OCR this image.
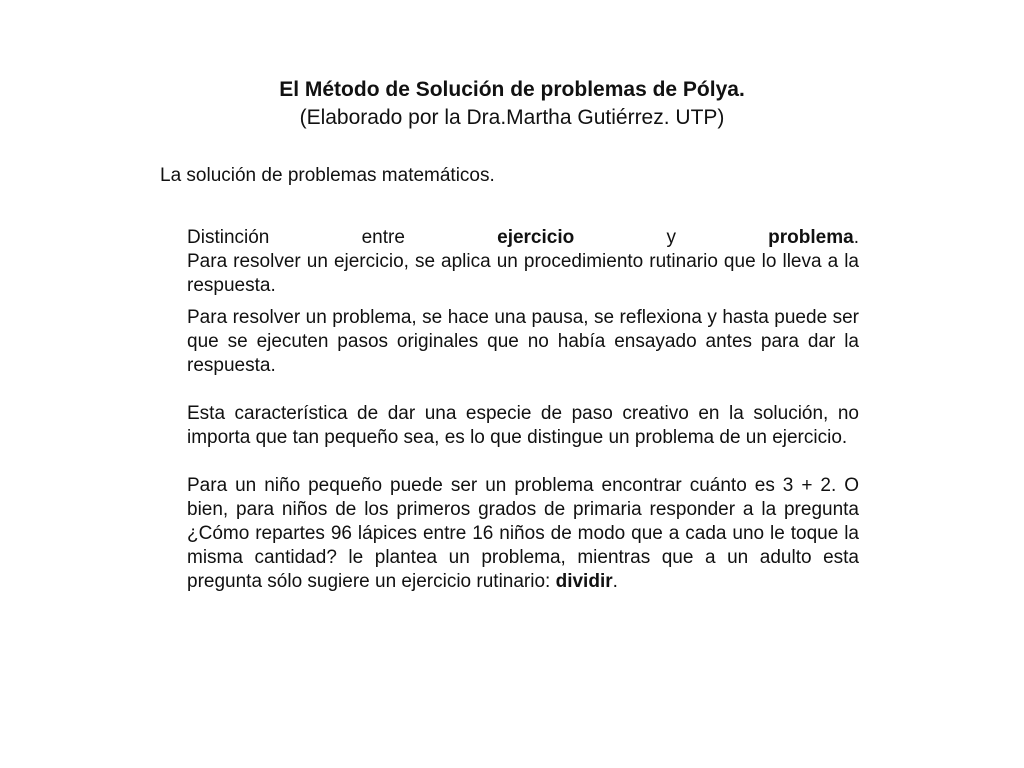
El Método de Solución de problemas de Pólya.

(Elaborado por la Dra.Martha Gutiérrez. UTP)

La solución de problemas matemáticos.

Distinción	entre	ejercicio	y	problema.

Para resolver un ejercicio, se aplica un procedimiento rutinario que lo lleva a la respuesta.

Para resolver un problema, se hace una pausa, se reflexiona y hasta puede ser que se ejecuten pasos originales que no había ensayado antes para dar la respuesta.

Esta característica de dar una especie de paso creativo en la solución, no importa que tan pequeño sea, es lo que distingue un problema de un ejercicio.

Para un niño pequeño puede ser un problema encontrar cuánto es 3 + 2. O bien, para niños de los primeros grados de primaria responder a la pregunta ¿Cómo repartes 96 lápices entre 16 niños de modo que a cada uno le toque la misma cantidad? le plantea un problema, mientras que a un adulto esta pregunta sólo sugiere un ejercicio rutinario: dividir.
